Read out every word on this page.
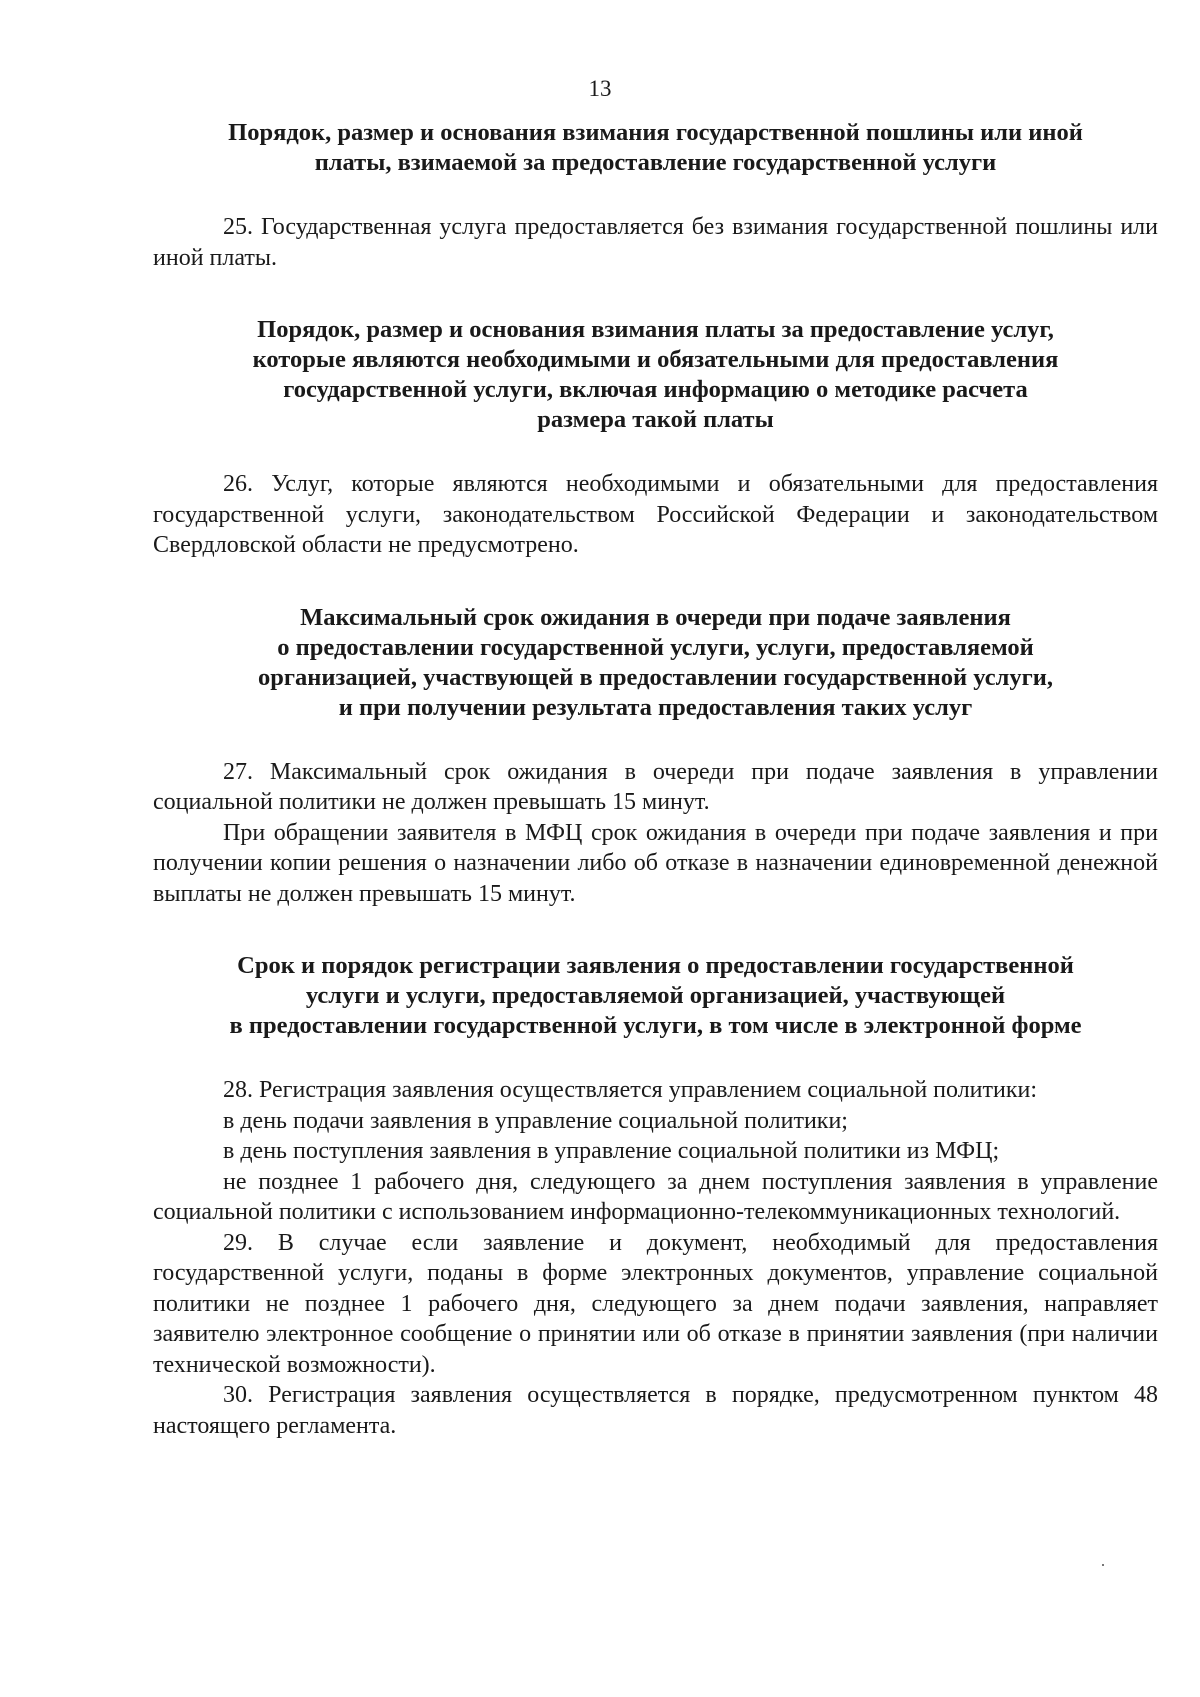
13
Порядок, размер и основания взимания государственной пошлины или иной
платы, взимаемой за предоставление государственной услуги

25. Государственная услуга предоставляется без взимания государственной пошлины или иной платы.

Порядок, размер и основания взимания платы за предоставление услуг,
которые являются необходимыми и обязательными для предоставления
государственной услуги, включая информацию о методике расчета
размера такой платы

26. Услуг, которые являются необходимыми и обязательными для предоставления государственной услуги, законодательством Российской Федерации и законодательством Свердловской области не предусмотрено.

Максимальный срок ожидания в очереди при подаче заявления
о предоставлении государственной услуги, услуги, предоставляемой
организацией, участвующей в предоставлении государственной услуги,
и при получении результата предоставления таких услуг

27. Максимальный срок ожидания в очереди при подаче заявления в управлении социальной политики не должен превышать 15 минут.

При обращении заявителя в МФЦ срок ожидания в очереди при подаче заявления и при получении копии решения о назначении либо об отказе в назначении единовременной денежной выплаты не должен превышать 15 минут.

Срок и порядок регистрации заявления о предоставлении государственной
услуги и услуги, предоставляемой организацией, участвующей
в предоставлении государственной услуги, в том числе в электронной форме

28. Регистрация заявления осуществляется управлением социальной политики:

в день подачи заявления в управление социальной политики;

в день поступления заявления в управление социальной политики из МФЦ;

не позднее 1 рабочего дня, следующего за днем поступления заявления в управление социальной политики с использованием информационно-телекоммуникационных технологий.

29. В случае если заявление и документ, необходимый для предоставления государственной услуги, поданы в форме электронных документов, управление социальной политики не позднее 1 рабочего дня, следующего за днем подачи заявления, направляет заявителю электронное сообщение о принятии или об отказе в принятии заявления (при наличии технической возможности).

30. Регистрация заявления осуществляется в порядке, предусмотренном пунктом 48 настоящего регламента.
